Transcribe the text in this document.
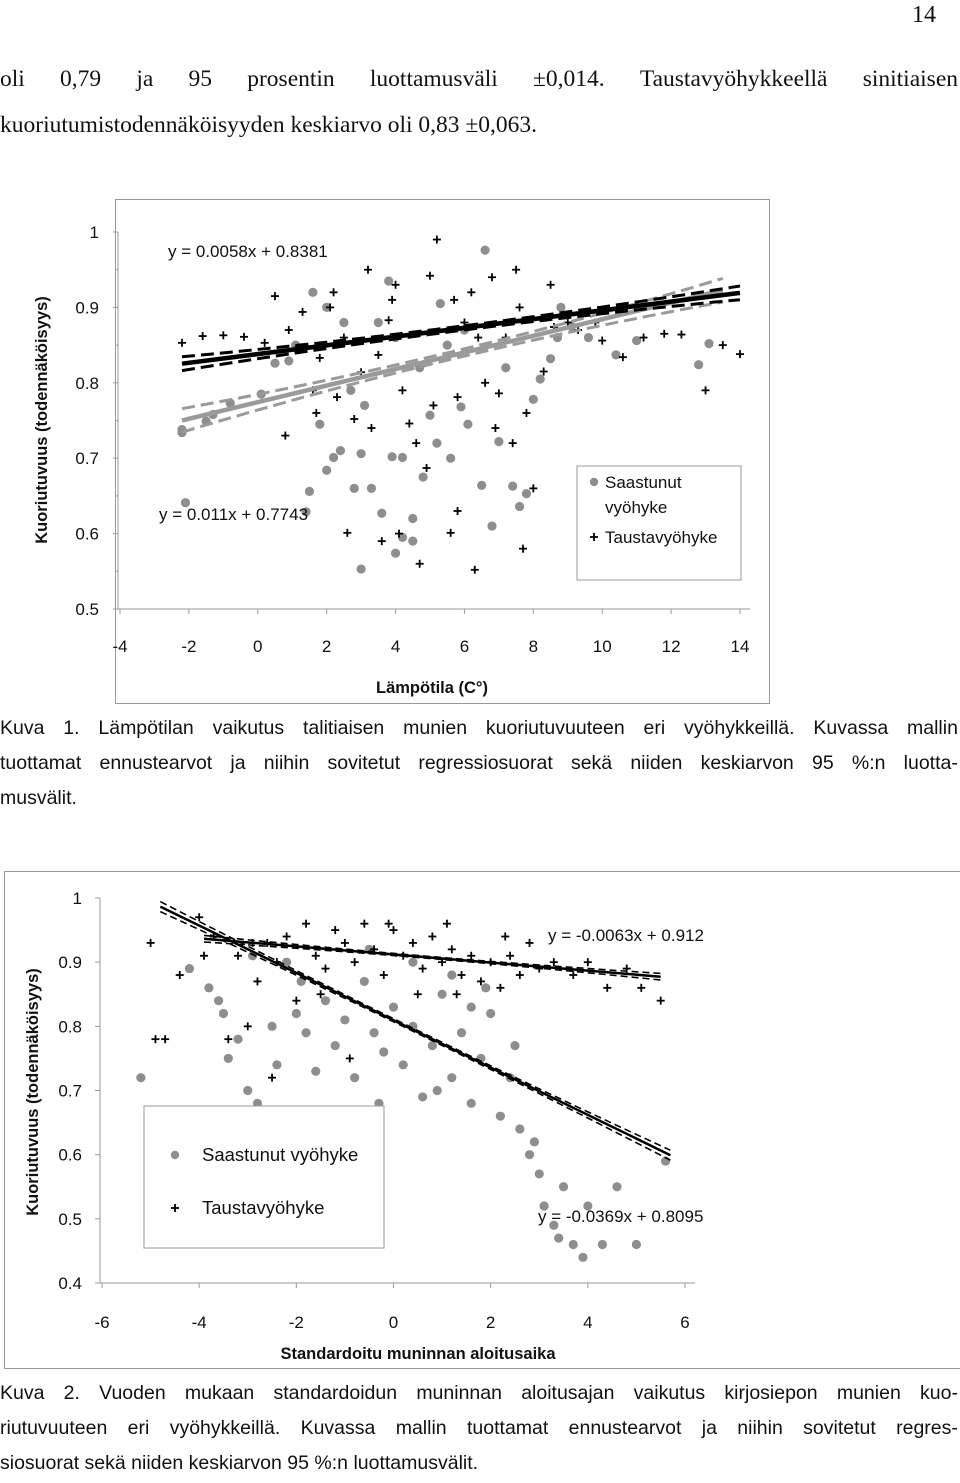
14
oli 0,79 ja 95 prosentin luottamusväli ±0,014. Taustavyöhykkeellä sinitiaisen
kuoriutumistodennäköisyyden keskiarvo oli 0,83 ±0,063.
0.5
0.6
0.7
0.8
0.9
1
-4	-2	0	2	4	6	8	10	12	14
Lämpötila (C°)
Kuoriutuvuus (todennäköisyys)
y = 0.0058x + 0.8381
y = 0.011x + 0.7743
Saastunut vyöhyke
Taustavyöhyke
Kuva 1. Lämpötilan vaikutus talitiaisen munien kuoriutuvuuteen eri vyöhykkeillä. Kuvassa mallin
tuottamat ennustearvot ja niihin sovitetut regressiosuorat sekä niiden keskiarvon 95 %:n luotta-
musvälit.
0.4
0.5
0.6
0.7
0.8
0.9
1
-6	-4	-2	0	2	4	6
Standardoitu muninnan aloitusaika
Kuoriutuvuus (todennäköisyys)
y = -0.0063x + 0.912
y = -0.0369x + 0.8095
Saastunut vyöhyke
Taustavyöhyke
Kuva 2. Vuoden mukaan standardoidun muninnan aloitusajan vaikutus kirjosiepon munien kuo-
riutuvuuteen eri vyöhykkeillä. Kuvassa mallin tuottamat ennustearvot ja niihin sovitetut regres-
siosuorat sekä niiden keskiarvon 95 %:n luottamusvälit.
